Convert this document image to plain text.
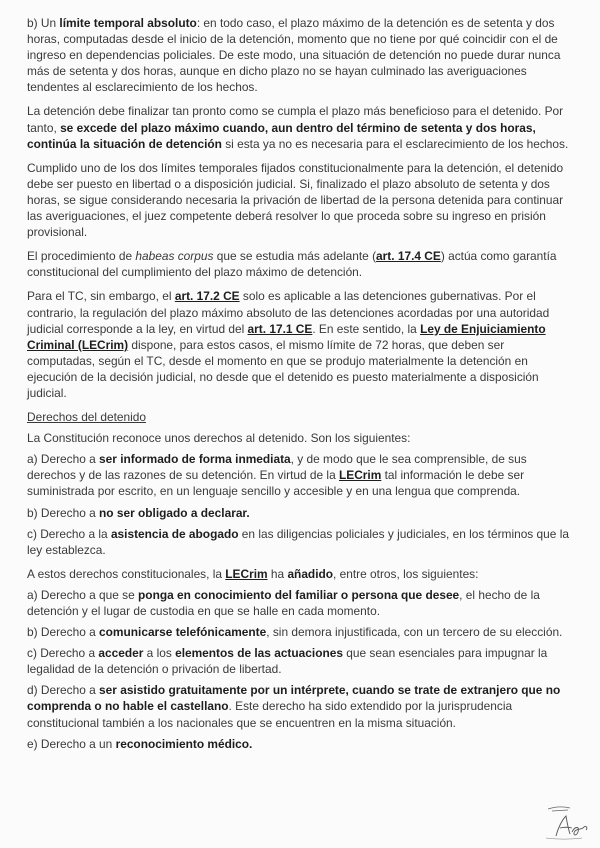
b) Un límite temporal absoluto: en todo caso, el plazo máximo de la detención es de setenta y dos horas, computadas desde el inicio de la detención, momento que no tiene por qué coincidir con el de ingreso en dependencias policiales. De este modo, una situación de detención no puede durar nunca más de setenta y dos horas, aunque en dicho plazo no se hayan culminado las averiguaciones tendentes al esclarecimiento de los hechos.

La detención debe finalizar tan pronto como se cumpla el plazo más beneficioso para el detenido. Por tanto, se excede del plazo máximo cuando, aun dentro del término de setenta y dos horas, continúa la situación de detención si esta ya no es necesaria para el esclarecimiento de los hechos.

Cumplido uno de los dos límites temporales fijados constitucionalmente para la detención, el detenido debe ser puesto en libertad o a disposición judicial. Si, finalizado el plazo absoluto de setenta y dos horas, se sigue considerando necesaria la privación de libertad de la persona detenida para continuar las averiguaciones, el juez competente deberá resolver lo que proceda sobre su ingreso en prisión provisional.

El procedimiento de habeas corpus que se estudia más adelante (art. 17.4 CE) actúa como garantía constitucional del cumplimiento del plazo máximo de detención.

Para el TC, sin embargo, el art. 17.2 CE solo es aplicable a las detenciones gubernativas. Por el contrario, la regulación del plazo máximo absoluto de las detenciones acordadas por una autoridad judicial corresponde a la ley, en virtud del art. 17.1 CE. En este sentido, la Ley de Enjuiciamiento Criminal (LECrim) dispone, para estos casos, el mismo límite de 72 horas, que deben ser computadas, según el TC, desde el momento en que se produjo materialmente la detención en ejecución de la decisión judicial, no desde que el detenido es puesto materialmente a disposición judicial.

Derechos del detenido

La Constitución reconoce unos derechos al detenido. Son los siguientes:

a) Derecho a ser informado de forma inmediata, y de modo que le sea comprensible, de sus derechos y de las razones de su detención. En virtud de la LECrim tal información le debe ser suministrada por escrito, en un lenguaje sencillo y accesible y en una lengua que comprenda.

b) Derecho a no ser obligado a declarar.

c) Derecho a la asistencia de abogado en las diligencias policiales y judiciales, en los términos que la ley establezca.

A estos derechos constitucionales, la LECrim ha añadido, entre otros, los siguientes:

a) Derecho a que se ponga en conocimiento del familiar o persona que desee, el hecho de la detención y el lugar de custodia en que se halle en cada momento.

b) Derecho a comunicarse telefónicamente, sin demora injustificada, con un tercero de su elección.

c) Derecho a acceder a los elementos de las actuaciones que sean esenciales para impugnar la legalidad de la detención o privación de libertad.

d) Derecho a ser asistido gratuitamente por un intérprete, cuando se trate de extranjero que no comprenda o no hable el castellano. Este derecho ha sido extendido por la jurisprudencia constitucional también a los nacionales que se encuentren en la misma situación.

e) Derecho a un reconocimiento médico.
